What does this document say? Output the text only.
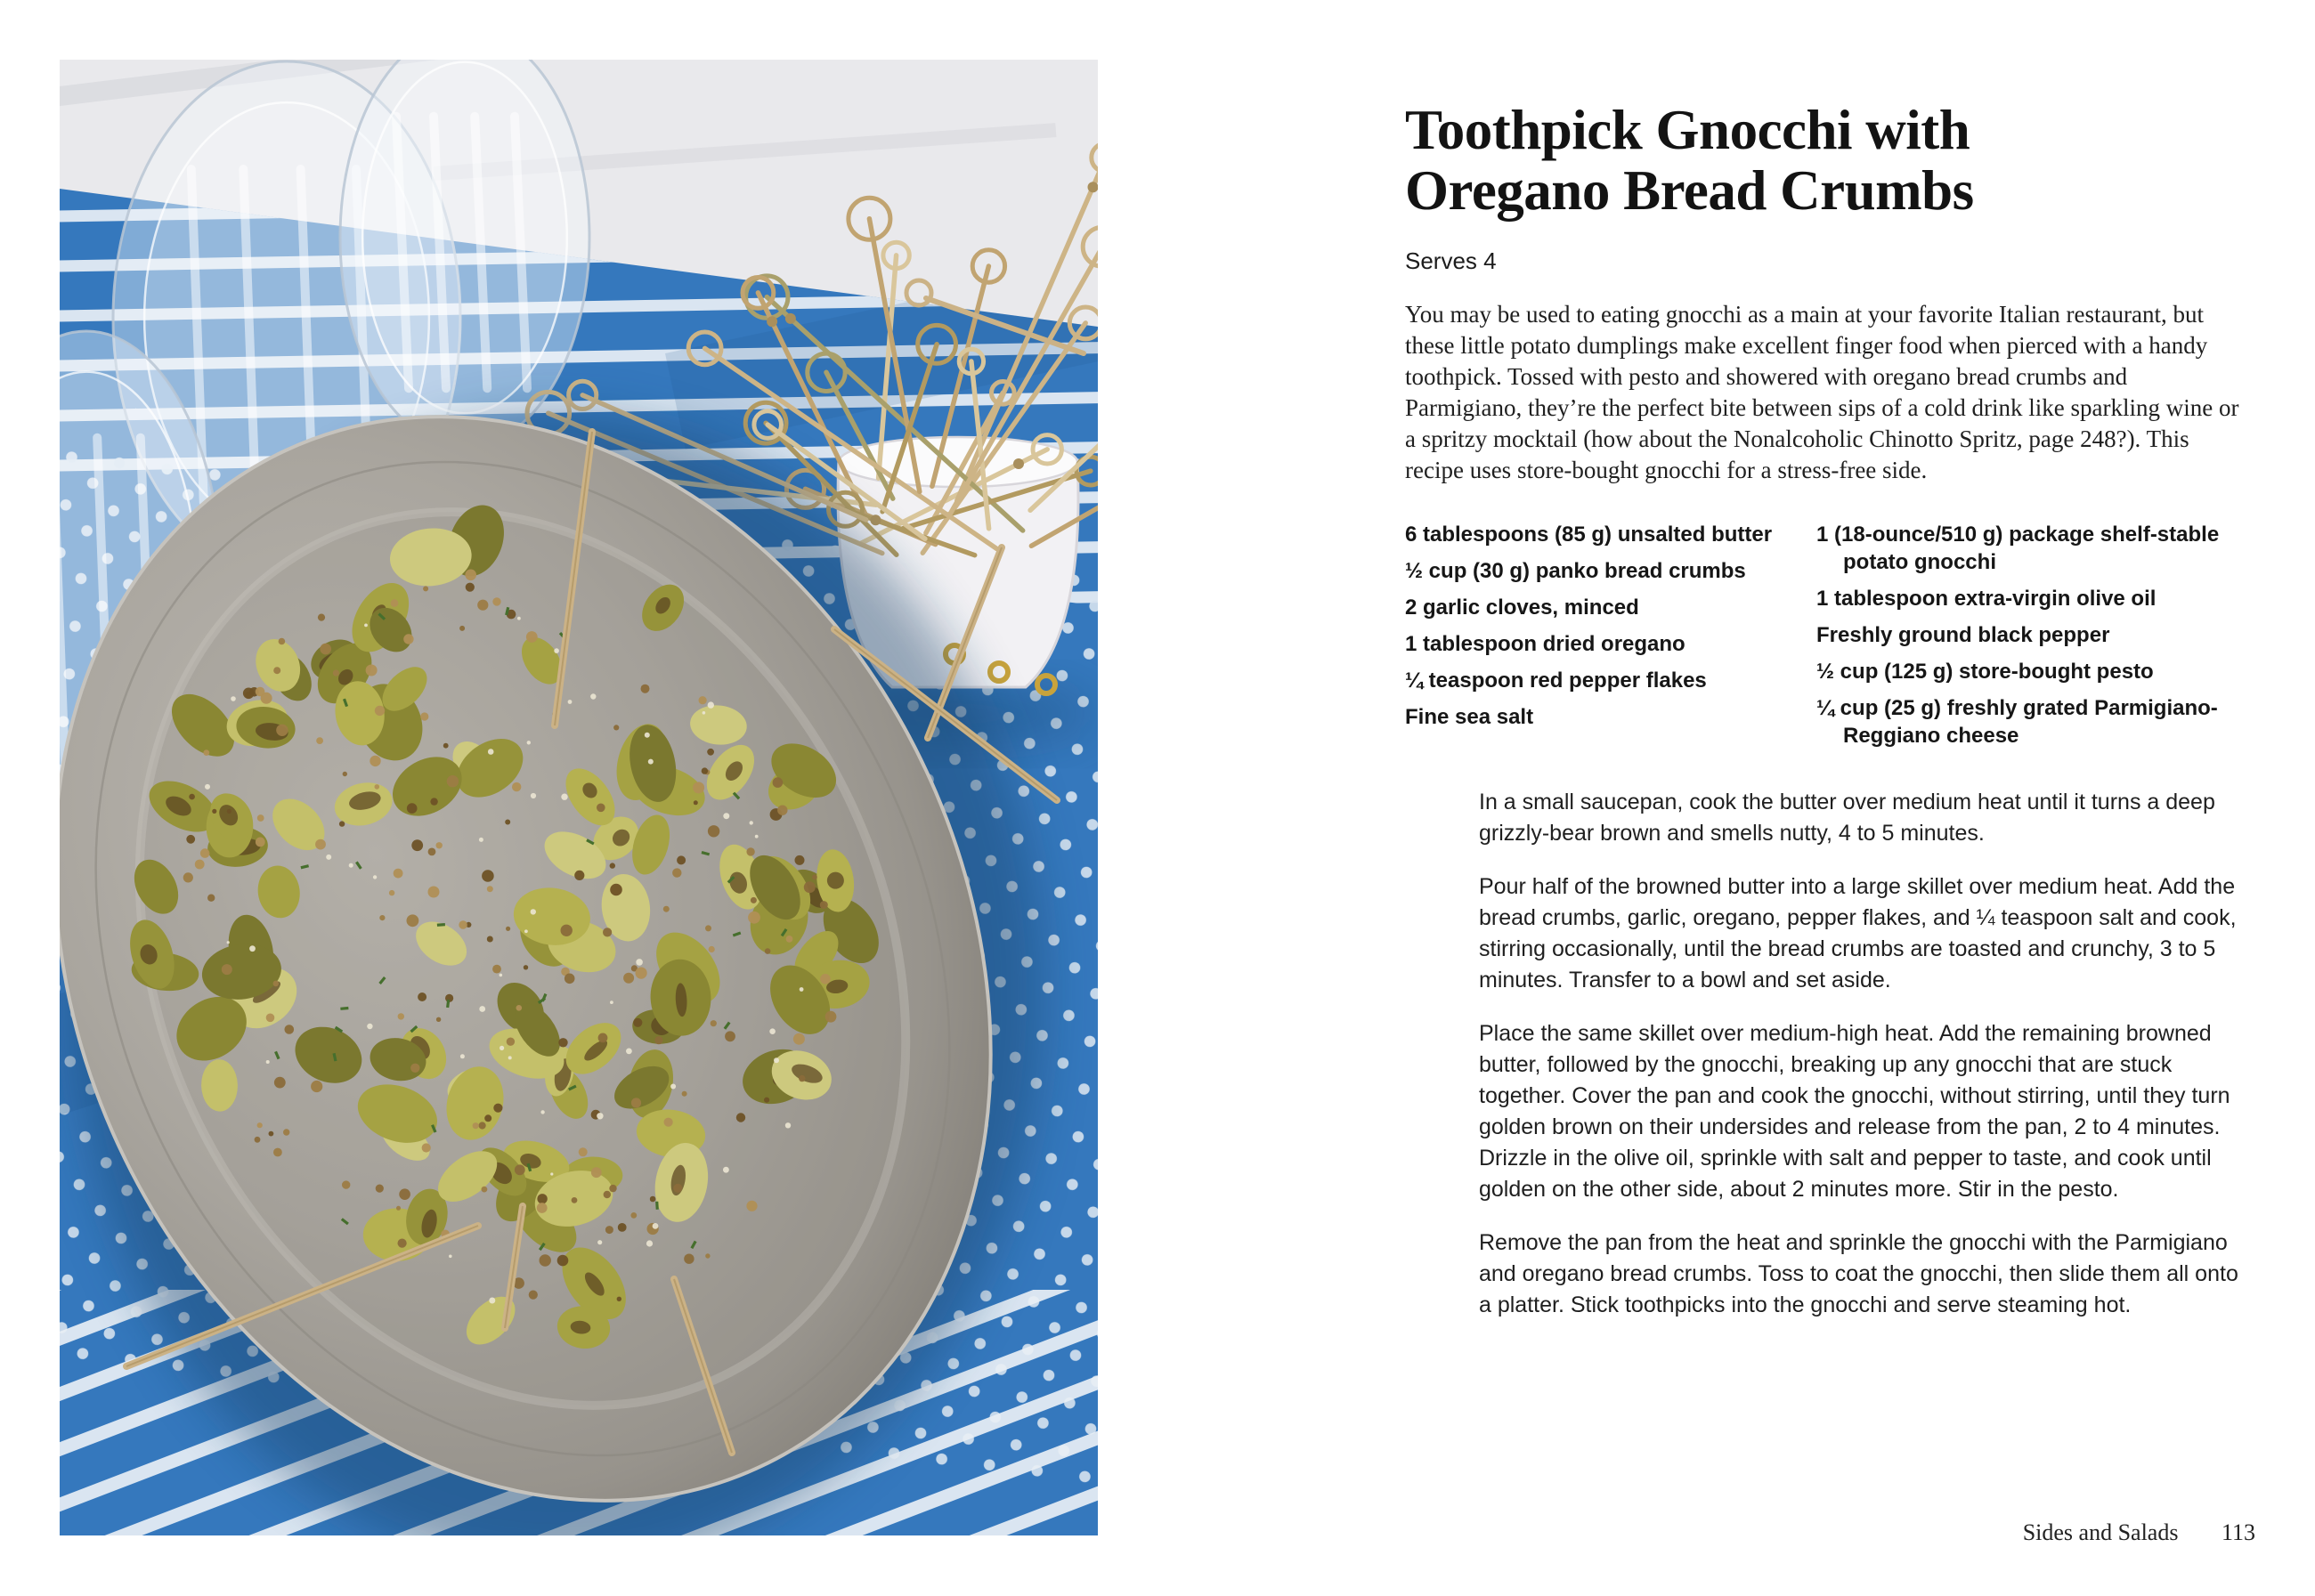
Toothpick Gnocchi with
Oregano Bread Crumbs
Serves 4

You may be used to eating gnocchi as a main at your favorite Italian restaurant, but these little potato dumplings make excellent finger food when pierced with a handy toothpick. Tossed with pesto and showered with oregano bread crumbs and Parmigiano, they’re the perfect bite between sips of a cold drink like sparkling wine or a spritzy mocktail (how about the Nonalcoholic Chinotto Spritz, page 248?). This recipe uses store-bought gnocchi for a stress-free side.

6 tablespoons (85 g) unsalted butter

½ cup (30 g) panko bread crumbs

2 garlic cloves, minced

1 tablespoon dried oregano

¼ teaspoon red pepper flakes

Fine sea salt

1 (18-ounce/510 g) package shelf-stable potato gnocchi

1 tablespoon extra-virgin olive oil

Freshly ground black pepper

½ cup (125 g) store-bought pesto

¼ cup (25 g) freshly grated Parmigiano-Reggiano cheese

In a small saucepan, cook the butter over medium heat until it turns a deep grizzly-bear brown and smells nutty, 4 to 5 minutes.

Pour half of the browned butter into a large skillet over medium heat. Add the bread crumbs, garlic, oregano, pepper flakes, and ¼ teaspoon salt and cook, stirring occasionally, until the bread crumbs are toasted and crunchy, 3 to 5 minutes. Transfer to a bowl and set aside.

Place the same skillet over medium-high heat. Add the remaining browned butter, followed by the gnocchi, breaking up any gnocchi that are stuck together. Cover the pan and cook the gnocchi, without stirring, until they turn golden brown on their undersides and release from the pan, 2 to 4 minutes. Drizzle in the olive oil, sprinkle with salt and pepper to taste, and cook until golden on the other side, about 2 minutes more. Stir in the pesto.

Remove the pan from the heat and sprinkle the gnocchi with the Parmigiano and oregano bread crumbs. Toss to coat the gnocchi, then slide them all onto a platter. Stick toothpicks into the gnocchi and serve steaming hot.

Sides and Salads 113
